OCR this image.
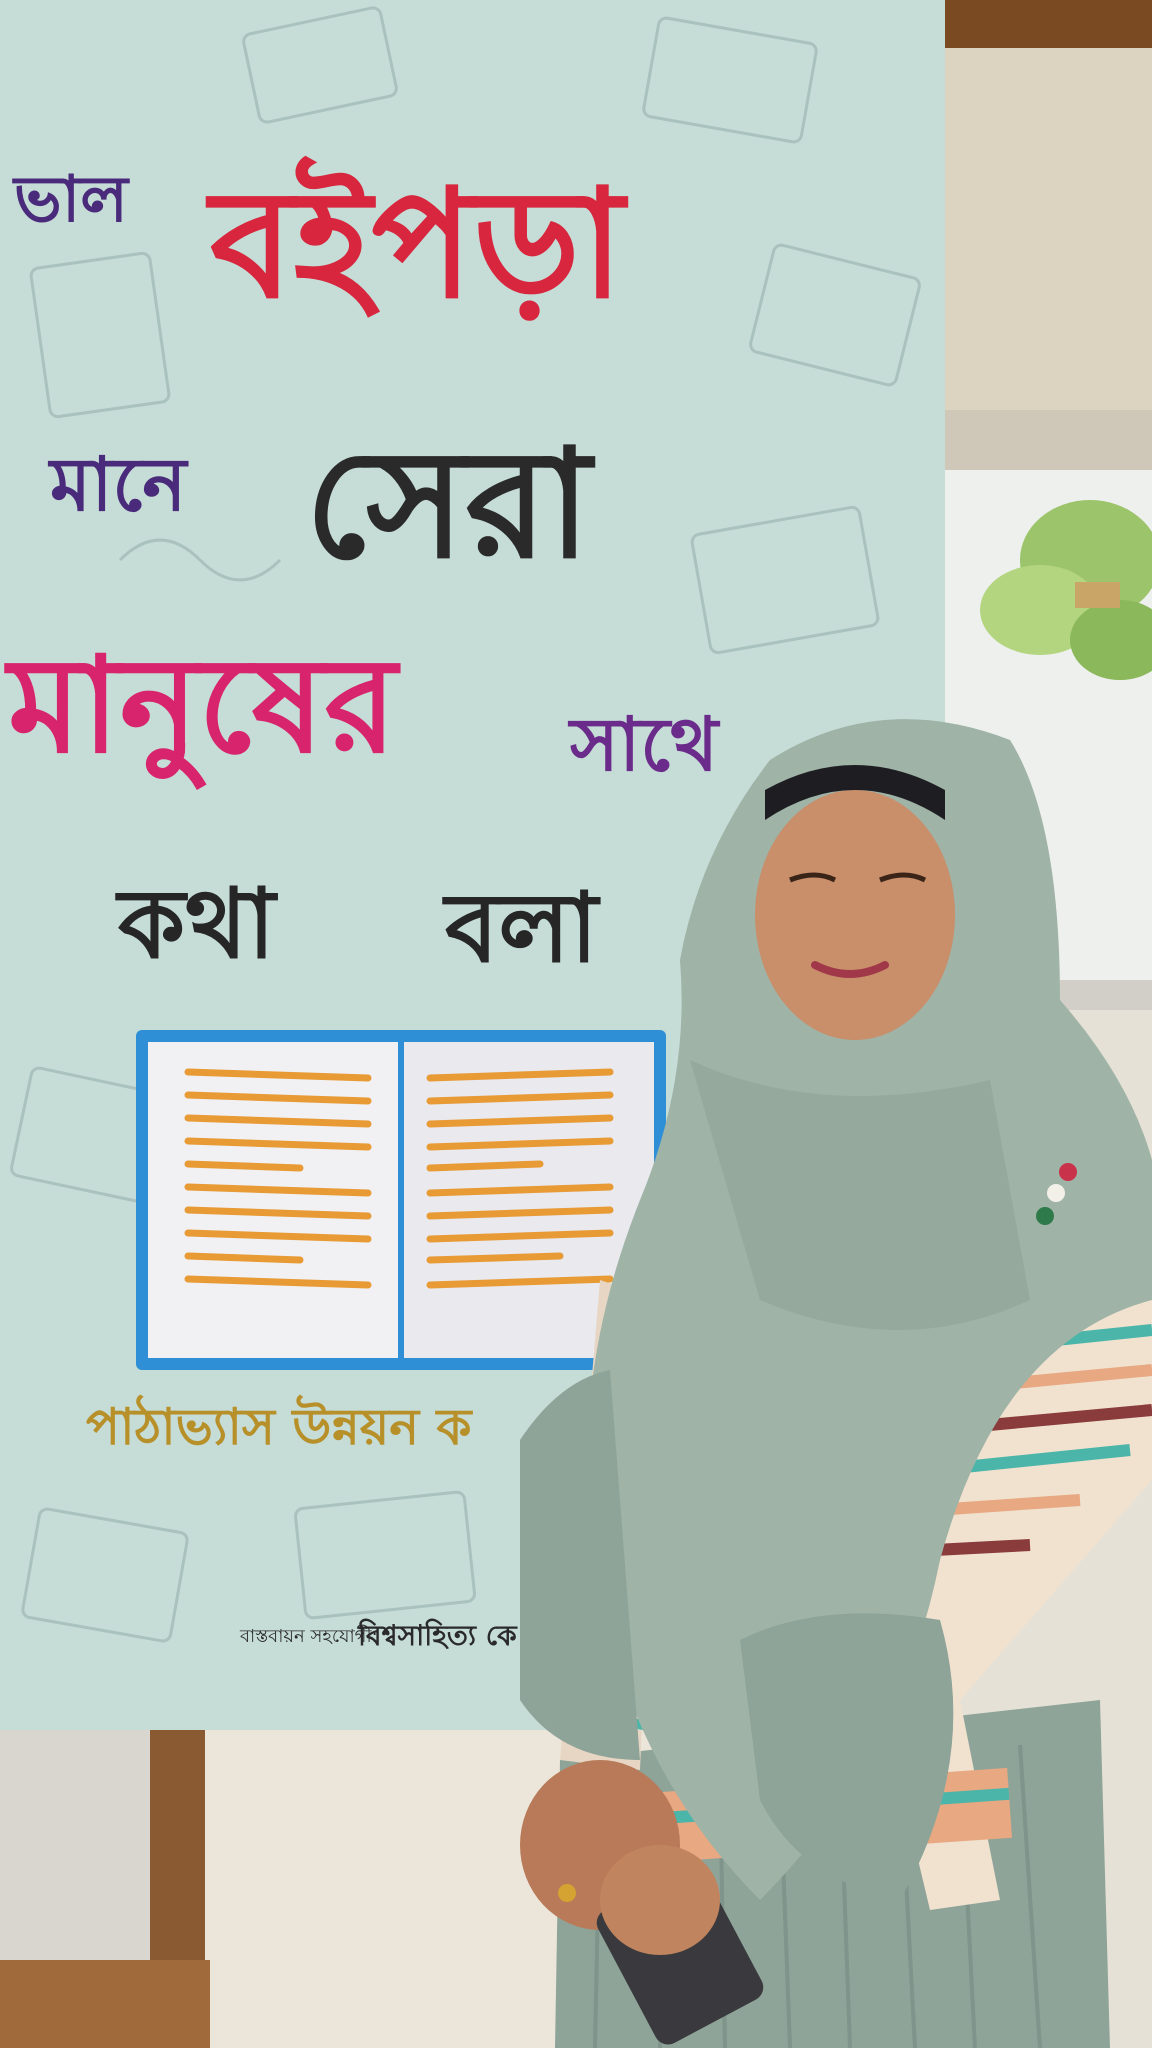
ভাল বইপড়া
মানে সেরা
মানুষের সাথে
কথা বলা
পাঠাভ্যাস উন্নয়ন ক
বাস্তবায়ন সহযোগী:
বিশ্বসাহিত্য কে
